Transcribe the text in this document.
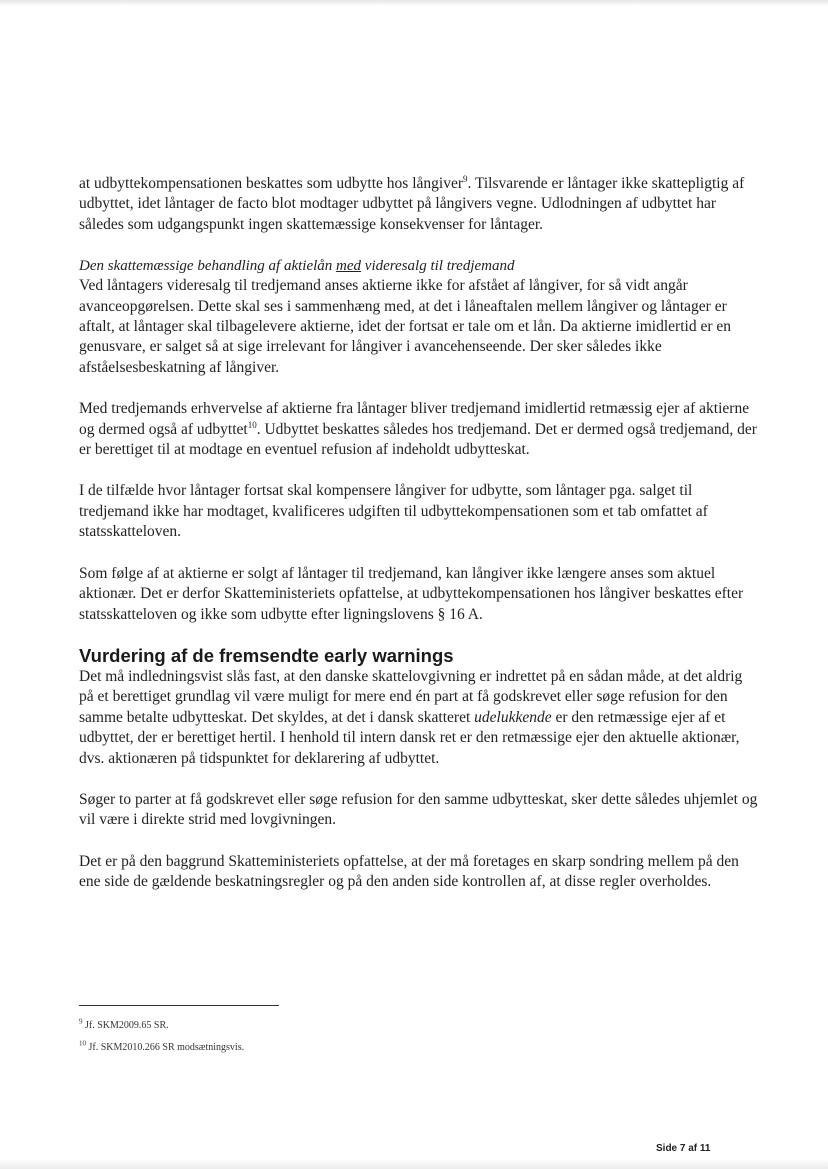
at udbyttekompensationen beskattes som udbytte hos långiver$^9$. Tilsvarende er låntager ikke skattepligtig af udbyttet, idet låntager de facto blot modtager udbyttet på långivers vegne. Udlodningen af udbyttet har således som udgangspunkt ingen skattemæssige konsekvenser for låntager.

Den skattemæssige behandling af aktielån med videresalg til tredjemand

Ved låntagers videresalg til tredjemand anses aktierne ikke for afstået af långiver, for så vidt angår avanceopgørelsen. Dette skal ses i sammenhæng med, at det i låneaftalen mellem långiver og låntager er aftalt, at låntager skal tilbagelevere aktierne, idet der fortsat er tale om et lån. Da aktierne imidlertid er en genusvare, er salget så at sige irrelevant for långiver i avancehenseende. Der sker således ikke afståelsesbeskatning af långiver.

Med tredjemands erhvervelse af aktierne fra låntager bliver tredjemand imidlertid retmæssig ejer af aktierne og dermed også af udbyttet$^{10}$. Udbyttet beskattes således hos tredjemand. Det er dermed også tredjemand, der er berettiget til at modtage en eventuel refusion af indeholdt udbytteskat.

I de tilfælde hvor låntager fortsat skal kompensere långiver for udbytte, som låntager pga. salget til tredjemand ikke har modtaget, kvalificeres udgiften til udbyttekompensationen som et tab omfattet af statsskatteloven.

Som følge af at aktierne er solgt af låntager til tredjemand, kan långiver ikke længere anses som aktuel aktionær. Det er derfor Skatteministeriets opfattelse, at udbyttekompensationen hos långiver beskattes efter statsskatteloven og ikke som udbytte efter ligningslovens § 16 A.

Vurdering af de fremsendte early warnings

Det må indledningsvist slås fast, at den danske skattelovgivning er indrettet på en sådan måde, at det aldrig på et berettiget grundlag vil være muligt for mere end én part at få godskrevet eller søge refusion for den samme betalte udbytteskat. Det skyldes, at det i dansk skatteret udelukkende er den retmæssige ejer af et udbyttet, der er berettiget hertil. I henhold til intern dansk ret er den retmæssige ejer den aktuelle aktionær, dvs. aktionæren på tidspunktet for deklarering af udbyttet.

Søger to parter at få godskrevet eller søge refusion for den samme udbytteskat, sker dette således uhjemlet og vil være i direkte strid med lovgivningen.

Det er på den baggrund Skatteministeriets opfattelse, at der må foretages en skarp sondring mellem på den ene side de gældende beskatningsregler og på den anden side kontrollen af, at disse regler overholdes.

$^9$ Jf. SKM2009.65 SR.
$^{10}$ Jf. SKM2010.266 SR modsætningsvis.
Side 7 af 11
